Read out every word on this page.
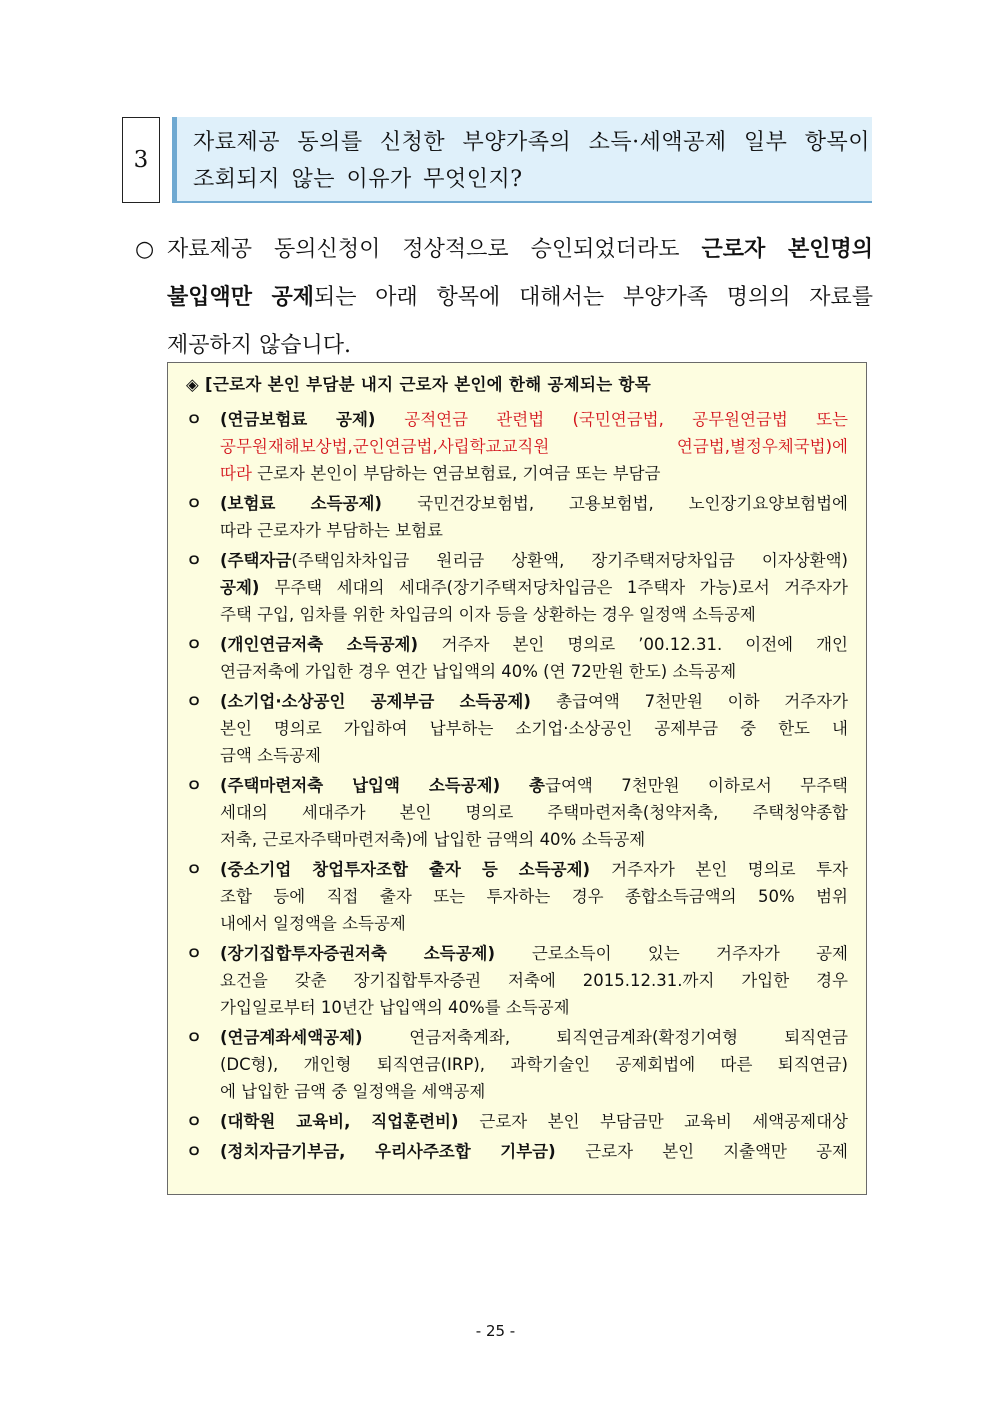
3
자료제공 동의를 신청한 부양가족의 소득·세액공제 일부 항목이
조회되지 않는 이유가 무엇인지?
○ 자료제공 동의신청이 정상적으로 승인되었더라도 근로자 본인명의
불입액만 공제되는 아래 항목에 대해서는 부양가족 명의의 자료를
제공하지 않습니다.
◈ [근로자 본인 부담분 내지 근로자 본인에 한해 공제되는 항목
ㅇ (연금보험료 공제) 공적연금 관련법 (국민연금법, 공무원연금법 또는
공무원재해보상법,군인연금법,사립학교교직원 연금법,별정우체국법)에
따라 근로자 본인이 부담하는 연금보험료, 기여금 또는 부담금
ㅇ (보험료 소득공제) 국민건강보험법, 고용보험법, 노인장기요양보험법에
따라 근로자가 부담하는 보험료
ㅇ (주택자금(주택임차차입금 원리금 상환액, 장기주택저당차입금 이자상환액)
공제) 무주택 세대의 세대주(장기주택저당차입금은 1주택자 가능)로서 거주자가
주택 구입, 임차를 위한 차입금의 이자 등을 상환하는 경우 일정액 소득공제
ㅇ (개인연금저축 소득공제) 거주자 본인 명의로 ’00.12.31. 이전에 개인
연금저축에 가입한 경우 연간 납입액의 40% (연 72만원 한도) 소득공제
ㅇ (소기업·소상공인 공제부금 소득공제) 총급여액 7천만원 이하 거주자가
본인 명의로 가입하여 납부하는 소기업·소상공인 공제부금 중 한도 내
금액 소득공제
ㅇ (주택마련저축 납입액 소득공제) 총급여액 7천만원 이하로서 무주택
세대의 세대주가 본인 명의로 주택마련저축(청약저축, 주택청약종합
저축, 근로자주택마련저축)에 납입한 금액의 40% 소득공제
ㅇ (중소기업 창업투자조합 출자 등 소득공제) 거주자가 본인 명의로 투자
조합 등에 직접 출자 또는 투자하는 경우 종합소득금액의 50% 범위
내에서 일정액을 소득공제
ㅇ (장기집합투자증권저축 소득공제) 근로소득이 있는 거주자가 공제
요건을 갖춘 장기집합투자증권 저축에 2015.12.31.까지 가입한 경우
가입일로부터 10년간 납입액의 40%를 소득공제
ㅇ (연금계좌세액공제) 연금저축계좌, 퇴직연금계좌(확정기여형 퇴직연금
(DC형), 개인형 퇴직연금(IRP), 과학기술인 공제회법에 따른 퇴직연금)
에 납입한 금액 중 일정액을 세액공제
ㅇ (대학원 교육비, 직업훈련비) 근로자 본인 부담금만 교육비 세액공제대상
ㅇ (정치자금기부금, 우리사주조합 기부금) 근로자 본인 지출액만 공제
- 25 -
